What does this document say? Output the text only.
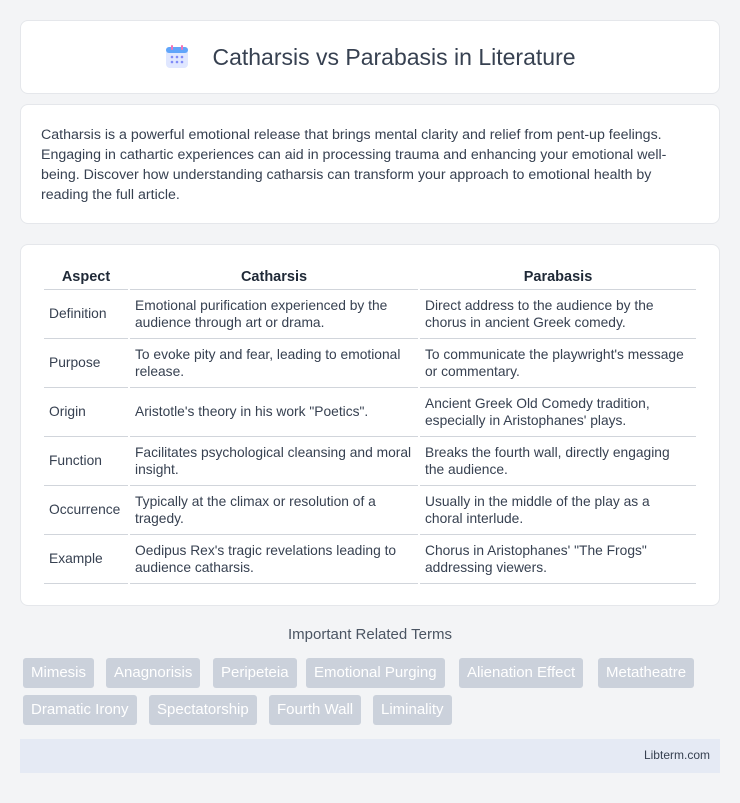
Catharsis vs Parabasis in Literature

Catharsis is a powerful emotional release that brings mental clarity and relief from pent-up feelings. Engaging in cathartic experiences can aid in processing trauma and enhancing your emotional well-being. Discover how understanding catharsis can transform your approach to emotional health by reading the full article.

Aspect	Catharsis	Parabasis
Definition	Emotional purification experienced by the audience through art or drama.	Direct address to the audience by the chorus in ancient Greek comedy.
Purpose	To evoke pity and fear, leading to emotional release.	To communicate the playwright's message or commentary.
Origin	Aristotle's theory in his work "Poetics".	Ancient Greek Old Comedy tradition, especially in Aristophanes' plays.
Function	Facilitates psychological cleansing and moral insight.	Breaks the fourth wall, directly engaging the audience.
Occurrence	Typically at the climax or resolution of a tragedy.	Usually in the middle of the play as a choral interlude.
Example	Oedipus Rex's tragic revelations leading to audience catharsis.	Chorus in Aristophanes' "The Frogs" addressing viewers.
Important Related Terms
Mimesis	Anagnorisis	Peripeteia	Emotional Purging	Alienation Effect	Metatheatre
Dramatic Irony	Spectatorship	Fourth Wall	Liminality
Libterm.com
